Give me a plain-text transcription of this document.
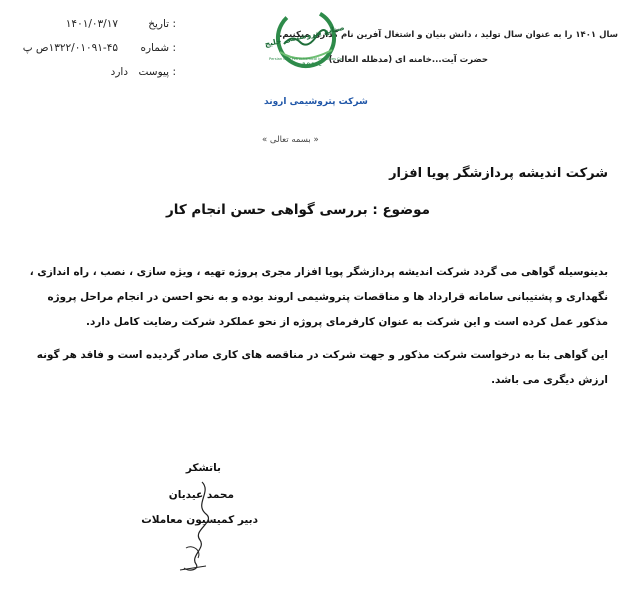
سال ۱۴۰۱ را به عنوان سال تولید ، دانش بنیان و اشتغال آفرین نام گذاری میکنیم.
حضرت آیت...خامنه ای (مدظله العالی)
صنایع پتروشیمی خلیج
Persian Gulf Petrochemical Industries Co.
P O P I C
شرکت پتروشیمی اروند
تاریخ :
۱۴۰۱/۰۳/۱۷
شماره :
۱۳۲۲/۰۱۰۹۱-۴۵ص پ
پیوست :
دارد
« بسمه تعالی »
شرکت اندیشه پردازشگر پویا افزار
موضوع : بررسی گواهی حسن انجام کار
بدینوسیله گواهی می گردد شرکت اندیشه پردازشگر پویا افزار مجری پروژه تهیه ، ویژه سازی ، نصب ، راه اندازی ، نگهداری و پشتیبانی سامانه قرارداد ها و مناقصات پتروشیمی اروند بوده و به نحو احسن در انجام مراحل پروژه مذکور عمل کرده است و این شرکت به عنوان کارفرمای پروژه از نحو عملکرد شرکت رضایت کامل دارد.
این گواهی بنا به درخواست شرکت مذکور و جهت شرکت در مناقصه های کاری صادر گردیده است و فاقد هر گونه ارزش دیگری می باشد.
باتشکر
محمد عیدیان
دبیر کمیسیون معاملات
